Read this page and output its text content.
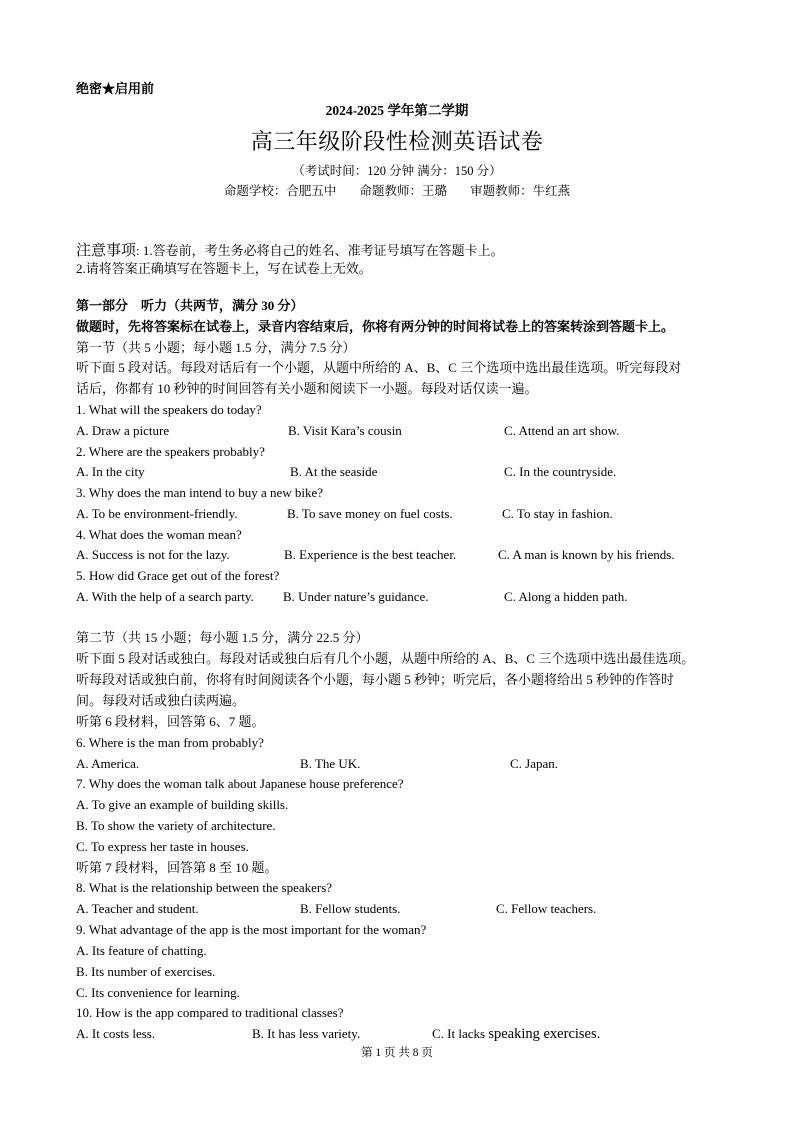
绝密★启用前
2024-2025 学年第二学期
高三年级阶段性检测英语试卷
（考试时间：120 分钟 满分：150 分）
命题学校：合肥五中 命题教师：王璐 审题教师：牛红燕
注意事项: 1.答卷前，考生务必将自己的姓名、准考证号填写在答题卡上。
2.请将答案正确填写在答题卡上，写在试卷上无效。
第一部分　听力（共两节，满分 30 分）
做题时，先将答案标在试卷上，录音内容结束后，你将有两分钟的时间将试卷上的答案转涂到答题卡上。
第一节（共 5 小题；每小题 1.5 分，满分 7.5 分）
听下面 5 段对话。每段对话后有一个小题，从题中所给的 A、B、C 三个选项中选出最佳选项。听完每段对
话后，你都有 10 秒钟的时间回答有关小题和阅读下一小题。每段对话仅读一遍。
1. What will the speakers do today?
A. Draw a picture	B. Visit Kara’s cousin	C. Attend an art show.
2. Where are the speakers probably?
A. In the city	B. At the seaside	C. In the countryside.
3. Why does the man intend to buy a new bike?
A. To be environment-friendly.	B. To save money on fuel costs.	C. To stay in fashion.
4. What does the woman mean?
A. Success is not for the lazy.	B. Experience is the best teacher.	C. A man is known by his friends.
5. How did Grace get out of the forest?
A. With the help of a search party. B. Under nature’s guidance.	C. Along a hidden path.
第二节（共 15 小题；每小题 1.5 分，满分 22.5 分）
听下面 5 段对话或独白。每段对话或独白后有几个小题，从题中所给的 A、B、C 三个选项中选出最佳选项。
听每段对话或独白前，你将有时间阅读各个小题，每小题 5 秒钟；听完后，各小题将给出 5 秒钟的作答时
间。每段对话或独白读两遍。
听第 6 段材料，回答第 6、7 题。
6. Where is the man from probably?
A. America.	B. The UK.	C. Japan.
7. Why does the woman talk about Japanese house preference?
A. To give an example of building skills.
B. To show the variety of architecture.
C. To express her taste in houses.
听第 7 段材料，回答第 8 至 10 题。
8. What is the relationship between the speakers?
A. Teacher and student.	B. Fellow students.	C. Fellow teachers.
9. What advantage of the app is the most important for the woman?
A. Its feature of chatting.
B. Its number of exercises.
C. Its convenience for learning.
10. How is the app compared to traditional classes?
A. It costs less.	B. It has less variety.	C. It lacks speaking exercises.
第 1 页 共 8 页
